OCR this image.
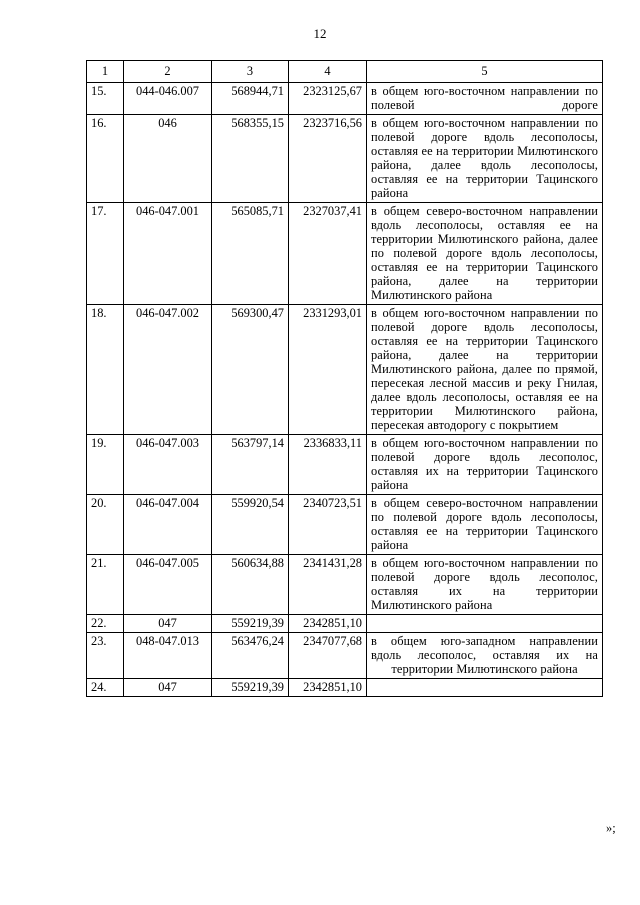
12
1	2	3	4	5
15.	044-046.007	568944,71	2323125,67	в общем юго-восточном направлении по полевой дороге
16.	046	568355,15	2323716,56	в общем юго-восточном направлении по полевой дороге вдоль лесополосы, оставляя ее на территории Милютинского района, далее вдоль лесополосы, оставляя ее на территории Тацинского района
17.	046-047.001	565085,71	2327037,41	в общем северо-восточном направлении вдоль лесополосы, оставляя ее на территории Милютинского района, далее по полевой дороге вдоль лесополосы, оставляя ее на территории Тацинского района, далее на территории Милютинского района
18.	046-047.002	569300,47	2331293,01	в общем юго-восточном направлении по полевой дороге вдоль лесополосы, оставляя ее на территории Тацинского района, далее на территории Милютинского района, далее по прямой, пересекая лесной массив и реку Гнилая, далее вдоль лесополосы, оставляя ее на территории Милютинского района, пересекая автодорогу с покрытием
19.	046-047.003	563797,14	2336833,11	в общем юго-восточном направлении по полевой дороге вдоль лесополос, оставляя их на территории Тацинского района
20.	046-047.004	559920,54	2340723,51	в общем северо-восточном направлении по полевой дороге вдоль лесополосы, оставляя ее на территории Тацинского района
21.	046-047.005	560634,88	2341431,28	в общем юго-восточном направлении по полевой дороге вдоль лесополос, оставляя их на территории Милютинского района
22.	047	559219,39	2342851,10	
23.	048-047.013	563476,24	2347077,68	в общем юго-западном направлении вдоль лесополос, оставляя их на территории Милютинского района
24.	047	559219,39	2342851,10	
»;
